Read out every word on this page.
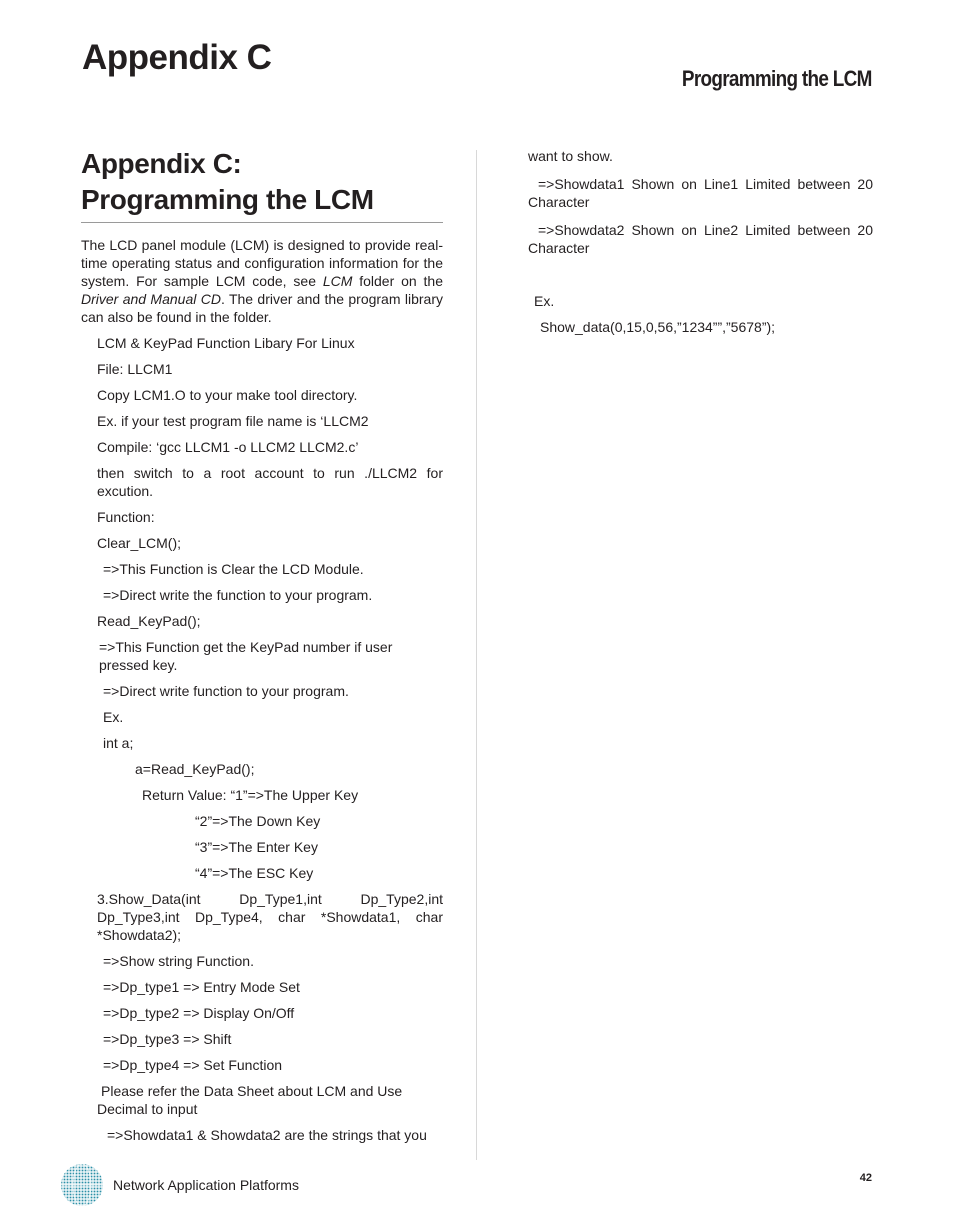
Appendix C
Programming the LCM
Appendix C:
Programming the LCM

The LCD panel module (LCM) is designed to provide real-time operating status and configuration information for the system. For sample LCM code, see LCM folder on the Driver and Manual CD. The driver and the program library can also be found in the folder.

LCM & KeyPad Function Libary For Linux

File: LLCM1

Copy LCM1.O to your make tool directory.

Ex. if your test program file name is ‘LLCM2

Compile: ‘gcc LLCM1 -o LLCM2 LLCM2.c’

then switch to a root account to run ./LLCM2 for excution.

Function:

Clear_LCM();

=>This Function is Clear the LCD Module.

=>Direct write the function to your program.

Read_KeyPad();

=>This Function get the KeyPad number if user pressed key.

=>Direct write function to your program.

Ex.

int a;

a=Read_KeyPad();

Return Value: “1”=>The Upper Key

“2”=>The Down Key

“3”=>The Enter Key

“4”=>The ESC Key

3.Show_Data(int Dp_Type1,int Dp_Type2,int Dp_Type3,int Dp_Type4, char *Showdata1, char *Showdata2);

=>Show string Function.

=>Dp_type1 => Entry Mode Set

=>Dp_type2 => Display On/Off

=>Dp_type3 => Shift

=>Dp_type4 => Set Function

Please refer the Data Sheet about LCM and Use Decimal to input

=>Showdata1 & Showdata2 are the strings that you

want to show.

=>Showdata1 Shown on Line1 Limited between 20 Character

=>Showdata2 Shown on Line2 Limited between 20 Character

Ex.

Show_data(0,15,0,56,”1234””,”5678”);

Network Application Platforms	42
